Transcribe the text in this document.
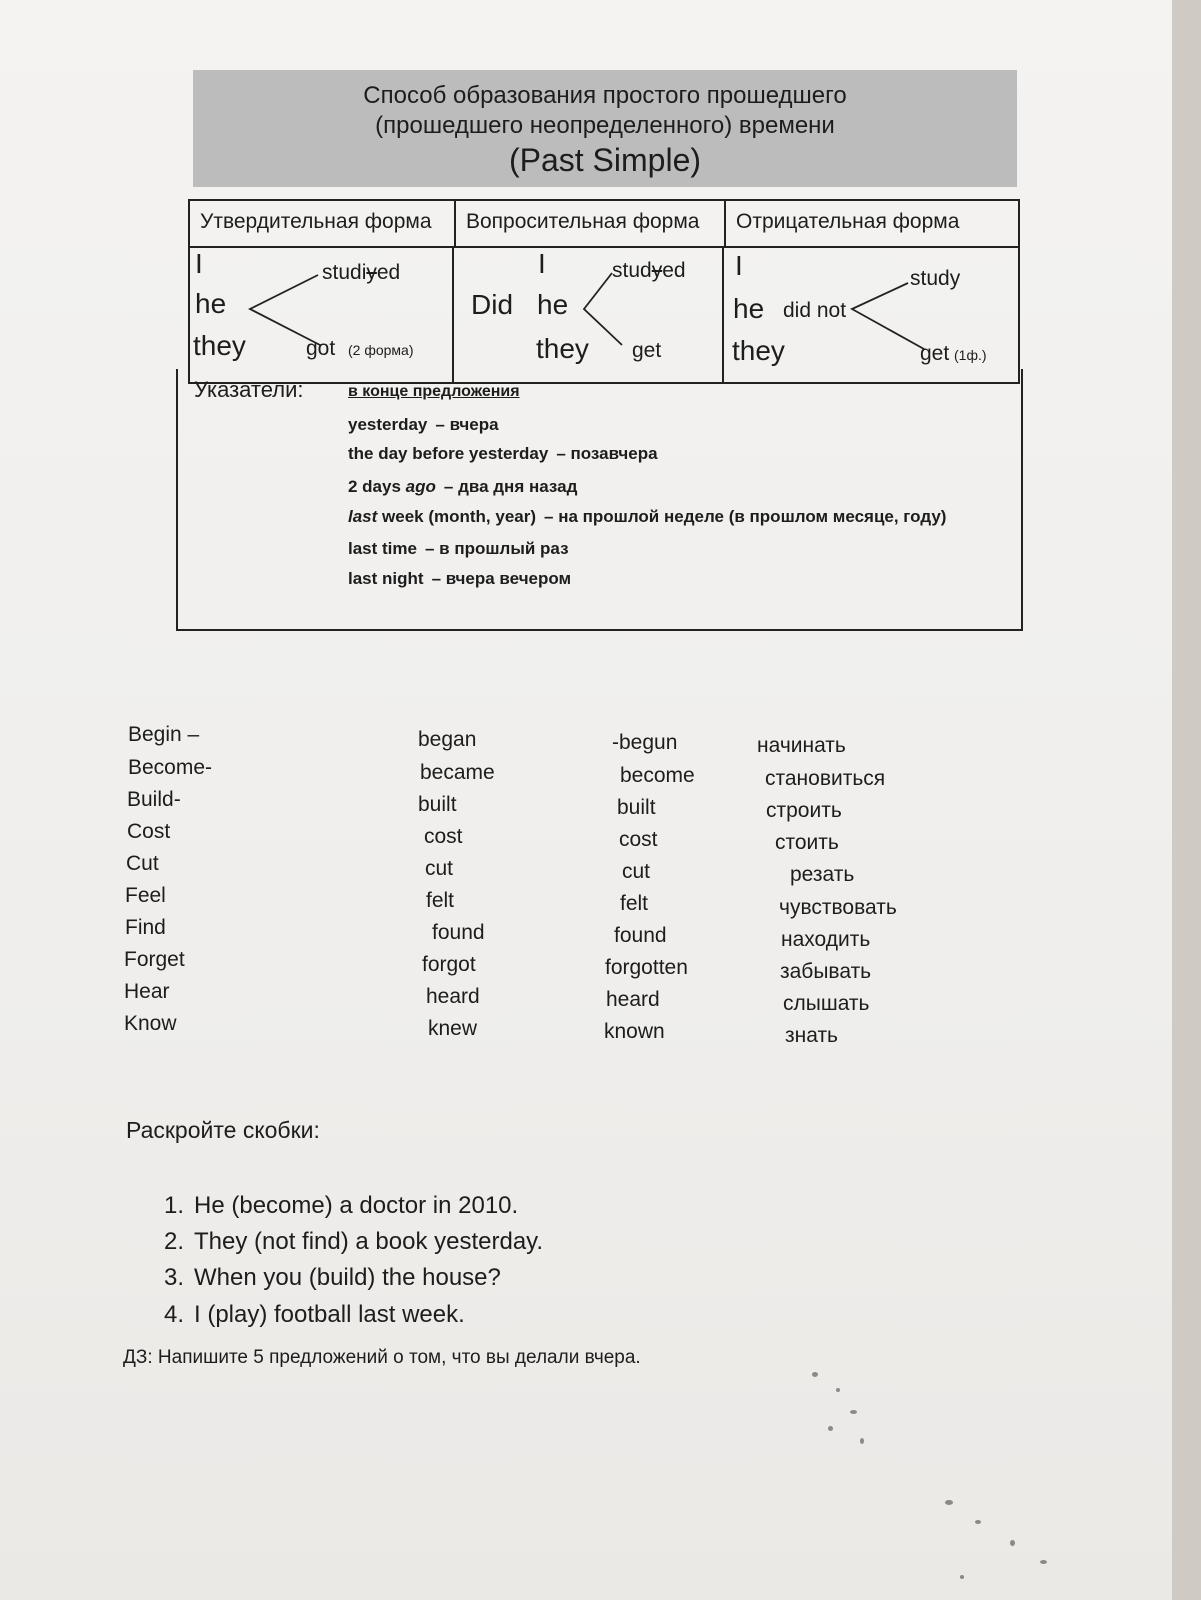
Способ образования простого прошедшего
(прошедшего неопределенного) времени
(Past Simple)
Утвердительная форма	Вопросительная форма	Отрицательная форма
I
he
they
studiyed
got (2 форма)
Did
I
he
they
studyed
get
I
he
they
did not
study
get (1ф.)
Указатели:	в конце предложения
yesterday – вчера
the day before yesterday – позавчера
2 days ago – два дня назад
last week (month, year) – на прошлой неделе (в прошлом месяце, году)
last time – в прошлый раз
last night – вчера вечером
Begin –	began	-begun	начинать
Become-	became	become	становиться
Build-	built	built	строить
Cost	cost	cost	стоить
Cut	cut	cut	резать
Feel	felt	felt	чувствовать
Find	found	found	находить
Forget	forgot	forgotten	забывать
Hear	heard	heard	слышать
Know	knew	known	знать
Раскройте скобки:
1. He (become) a doctor in 2010.
2. They (not find) a book yesterday.
3. When you (build) the house?
4. I (play) football last week.
ДЗ: Напишите 5 предложений о том, что вы делали вчера.
